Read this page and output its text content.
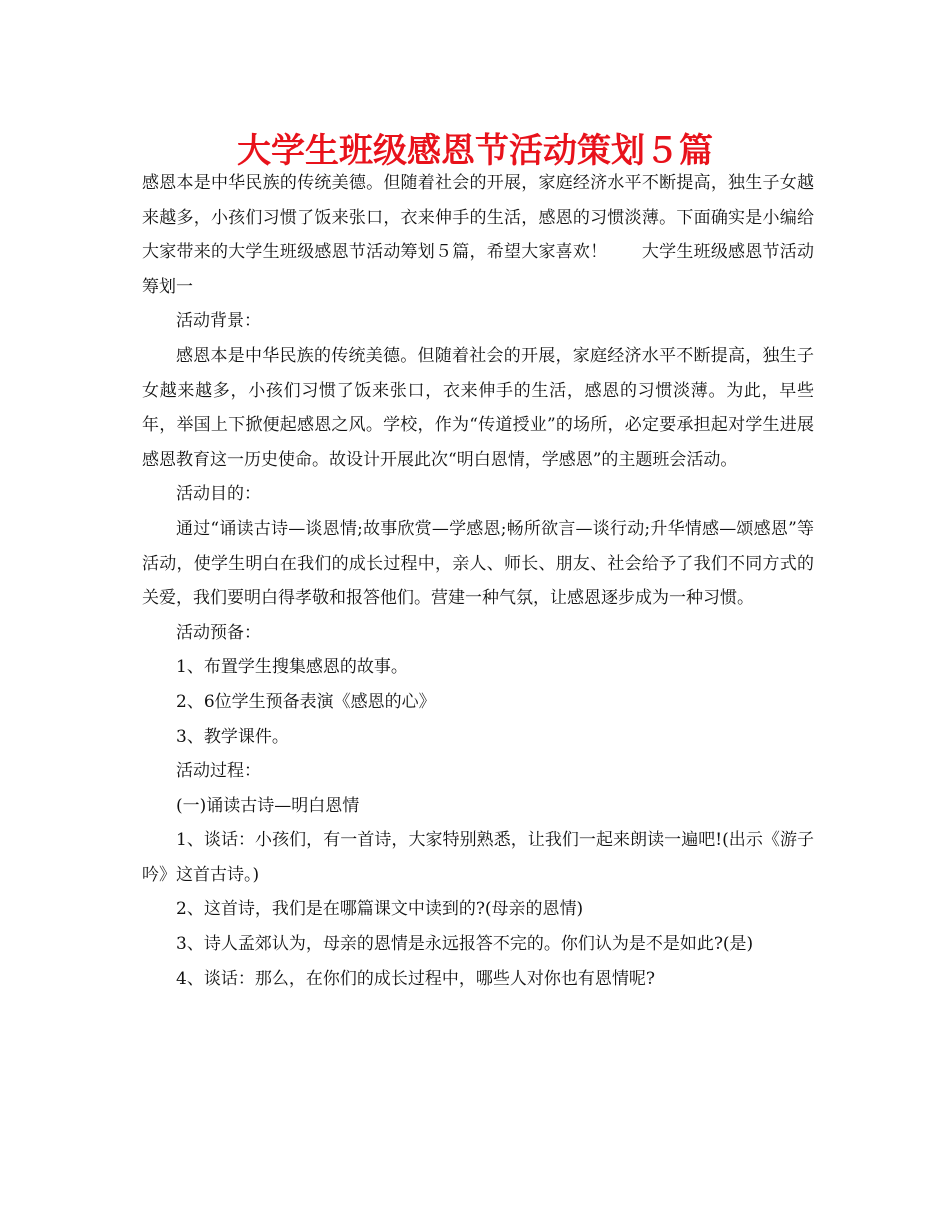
大学生班级感恩节活动策划５篇

感恩本是中华民族的传统美德。但随着社会的开展，家庭经济水平不断提高，独生子女越来越多，小孩们习惯了饭来张口，衣来伸手的生活，感恩的习惯淡薄。下面确实是小编给大家带来的大学生班级感恩节活动筹划５篇，希望大家喜欢！　　大学生班级感恩节活动筹划一

活动背景：

感恩本是中华民族的传统美德。但随着社会的开展，家庭经济水平不断提高，独生子女越来越多，小孩们习惯了饭来张口，衣来伸手的生活，感恩的习惯淡薄。为此，早些年，举国上下掀便起感恩之风。学校，作为“传道授业”的场所，必定要承担起对学生进展感恩教育这一历史使命。故设计开展此次“明白恩情，学感恩”的主题班会活动。

活动目的：

通过“诵读古诗—谈恩情;故事欣赏—学感恩;畅所欲言—谈行动;升华情感—颂感恩”等活动，使学生明白在我们的成长过程中，亲人、师长、朋友、社会给予了我们不同方式的关爱，我们要明白得孝敬和报答他们。营建一种气氛，让感恩逐步成为一种习惯。

活动预备：

1、布置学生搜集感恩的故事。

2、6位学生预备表演《感恩的心》

3、教学课件。

活动过程：

(一)诵读古诗—明白恩情

1、谈话：小孩们，有一首诗，大家特别熟悉，让我们一起来朗读一遍吧!(出示《游子吟》这首古诗。)

2、这首诗，我们是在哪篇课文中读到的?(母亲的恩情)

3、诗人孟郊认为，母亲的恩情是永远报答不完的。你们认为是不是如此?(是)

4、谈话：那么，在你们的成长过程中，哪些人对你也有恩情呢?
